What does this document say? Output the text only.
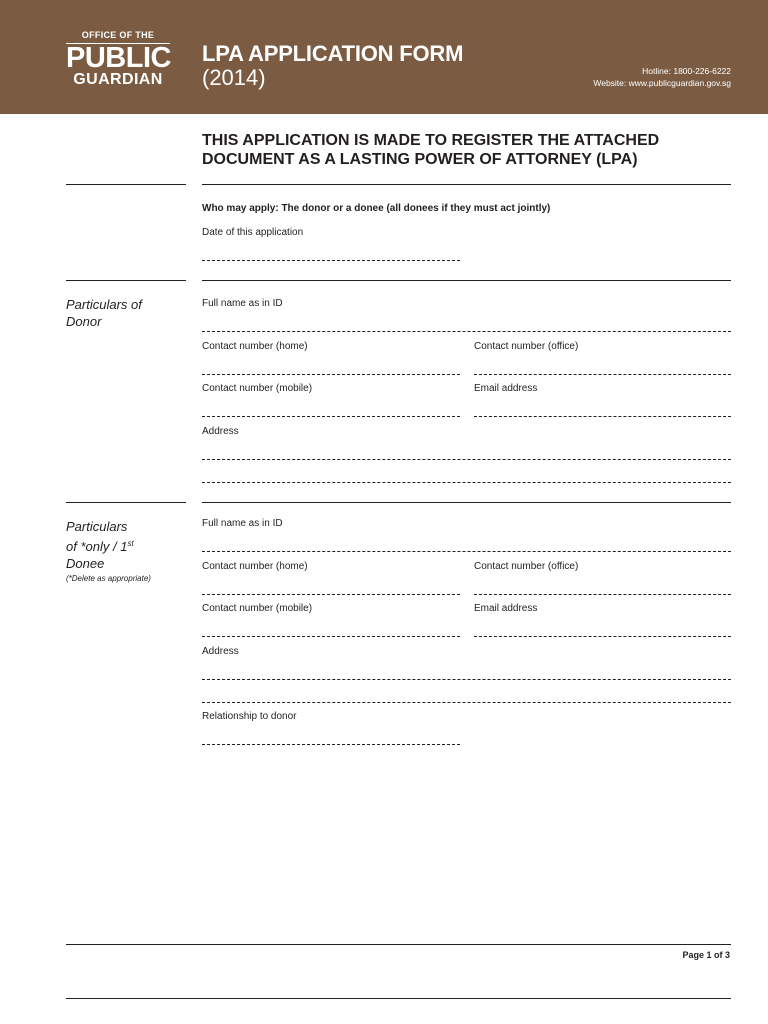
OFFICE OF THE
PUBLIC
GUARDIAN
LPA APPLICATION FORM
(2014)	Hotline: 1800-226-6222
Website: www.publicguardian.gov.sg
THIS APPLICATION IS MADE TO REGISTER THE ATTACHED
DOCUMENT AS A LASTING POWER OF ATTORNEY (LPA)
Who may apply: The donor or a donee (all donees if they must act jointly)
Date of this application
Particulars of
Donor
Full name as in ID
Contact number (home)	Contact number (office)
Contact number (mobile)	Email address
Address
Particulars
of *only / 1st
Donee
(*Delete as appropriate)
Full name as in ID
Contact number (home)	Contact number (office)
Contact number (mobile)	Email address
Address
Relationship to donor
Page 1 of 3
